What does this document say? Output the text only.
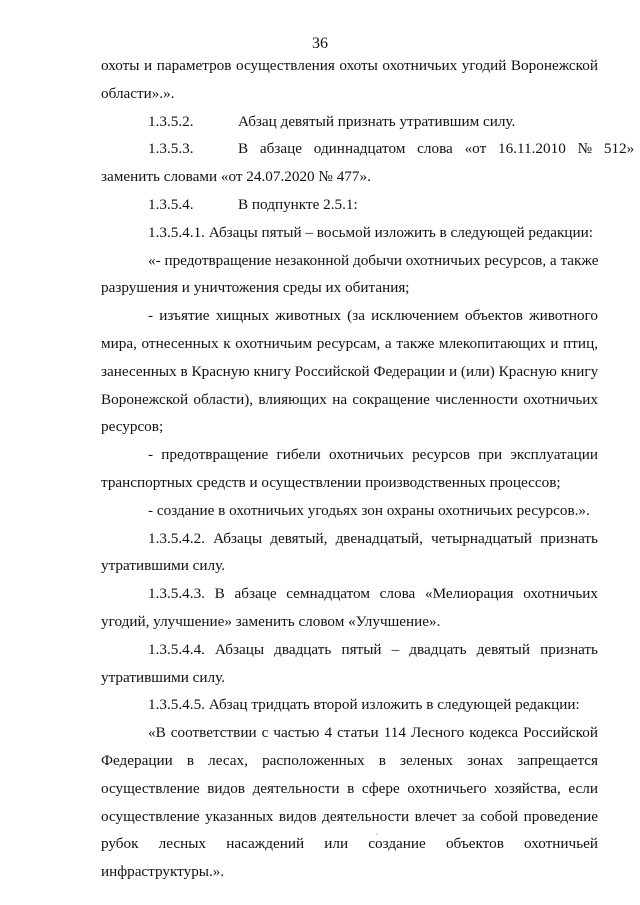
36
охоты и параметров осуществления охоты охотничьих угодий Воронежской
области».».
1.3.5.2.	Абзац девятый признать утратившим силу.
1.3.5.3.	В абзаце одиннадцатом слова «от 16.11.2010 № 512»
заменить словами «от 24.07.2020 № 477».
1.3.5.4.	В подпункте 2.5.1:
1.3.5.4.1. Абзацы пятый – восьмой изложить в следующей редакции:
«- предотвращение незаконной добычи охотничьих ресурсов, а также
разрушения и уничтожения среды их обитания;
- изъятие хищных животных (за исключением объектов животного
мира, отнесенных к охотничьим ресурсам, а также млекопитающих и птиц,
занесенных в Красную книгу Российской Федерации и (или) Красную книгу
Воронежской области), влияющих на сокращение численности охотничьих
ресурсов;
- предотвращение гибели охотничьих ресурсов при эксплуатации
транспортных средств и осуществлении производственных процессов;
- создание в охотничьих угодьях зон охраны охотничьих ресурсов.».
1.3.5.4.2. Абзацы девятый, двенадцатый, четырнадцатый признать
утратившими силу.
1.3.5.4.3. В абзаце семнадцатом слова «Мелиорация охотничьих
угодий, улучшение» заменить словом «Улучшение».
1.3.5.4.4. Абзацы двадцать пятый – двадцать девятый признать
утратившими силу.
1.3.5.4.5. Абзац тридцать второй изложить в следующей редакции:
«В соответствии с частью 4 статьи 114 Лесного кодекса Российской
Федерации в лесах, расположенных в зеленых зонах запрещается
осуществление видов деятельности в сфере охотничьего хозяйства, если
осуществление указанных видов деятельности влечет за собой проведение
рубок лесных насаждений или создание объектов охотничьей
инфраструктуры.».
